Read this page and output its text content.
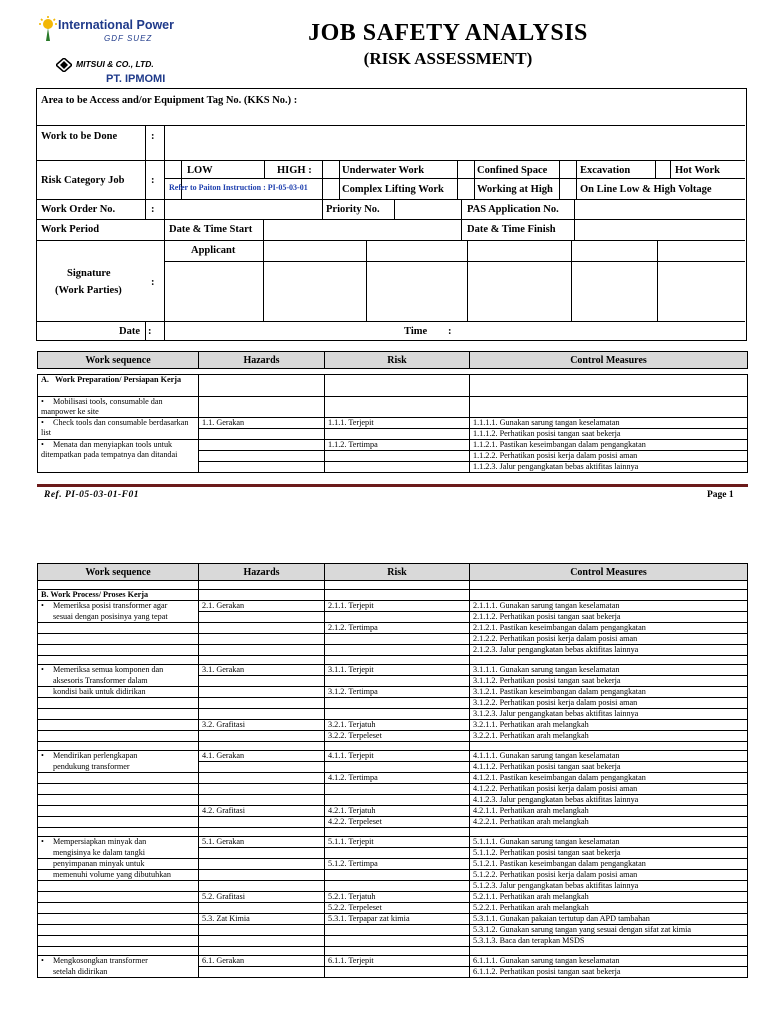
International Power
GDF SUEZ
MITSUI & CO., LTD.
PT. IPMOMI
JOB SAFETY ANALYSIS
(RISK ASSESSMENT)
Area to be Access and/or Equipment Tag No. (KKS No.) :
Work to be Done	:
Risk Category Job	:
LOW	HIGH :
Refer to Paiton Instruction : PI-05-03-01
Underwater Work	Confined Space	Excavation	Hot Work
Complex Lifting Work	Working at High	On Line Low & High Voltage
Work Order No.	:	Priority No.	PAS Application No.
Work Period	Date & Time Start	Date & Time Finish
Applicant
Signature
(Work Parties)
:
Date :	Time :
Work sequence	Hazards	Risk	Control Measures

A. Work Preparation/ Persiapan Kerja			

• Mobilisasi tools, consumable dan manpower ke site

• Check tools dan consumable berdasarkan list	1.1. Gerakan	1.1.1. Terjepit	1.1.1.1. Gunakan sarung tangan keselamatan
			1.1.1.2. Perhatikan posisi tangan saat bekerja

• Menata dan menyiapkan tools untuk ditempatkan pada tempatnya dan ditandai		1.1.2. Tertimpa	1.1.2.1. Pastikan keseimbangan dalam pengangkatan
			1.1.2.2. Perhatikan posisi kerja dalam posisi aman
			1.1.2.3. Jalur pengangkatan bebas aktifitas lainnya
Ref. PI-05-03-01-F01	Page 1
Work sequence	Hazards	Risk	Control Measures

B. Work Process/ Proses Kerja			

• Memeriksa posisi transformer agar	2.1. Gerakan	2.1.1. Terjepit	2.1.1.1. Gunakan sarung tangan keselamatan
sesuai dengan posisinya yang tepat			2.1.1.2. Perhatikan posisi tangan saat bekerja
		2.1.2. Tertimpa	2.1.2.1. Pastikan keseimbangan dalam pengangkatan
			2.1.2.2. Perhatikan posisi kerja dalam posisi aman
			2.1.2.3. Jalur pengangkatan bebas aktifitas lainnya

• Memeriksa semua komponen dan	3.1. Gerakan	3.1.1. Terjepit	3.1.1.1. Gunakan sarung tangan keselamatan
aksesoris Transformer dalam			3.1.1.2. Perhatikan posisi tangan saat bekerja
kondisi baik untuk didirikan		3.1.2. Tertimpa	3.1.2.1. Pastikan keseimbangan dalam pengangkatan
			3.1.2.2. Perhatikan posisi kerja dalam posisi aman
			3.1.2.3. Jalur pengangkatan bebas aktifitas lainnya
	3.2. Grafitasi	3.2.1. Terjatuh	3.2.1.1. Perhatikan arah melangkah
		3.2.2. Terpeleset	3.2.2.1. Perhatikan arah melangkah

• Mendirikan perlengkapan	4.1. Gerakan	4.1.1. Terjepit	4.1.1.1. Gunakan sarung tangan keselamatan
pendukung transformer			4.1.1.2. Perhatikan posisi tangan saat bekerja
		4.1.2. Tertimpa	4.1.2.1. Pastikan keseimbangan dalam pengangkatan
			4.1.2.2. Perhatikan posisi kerja dalam posisi aman
			4.1.2.3. Jalur pengangkatan bebas aktifitas lainnya
	4.2. Grafitasi	4.2.1. Terjatuh	4.2.1.1. Perhatikan arah melangkah
		4.2.2. Terpeleset	4.2.2.1. Perhatikan arah melangkah

• Mempersiapkan minyak dan	5.1. Gerakan	5.1.1. Terjepit	5.1.1.1. Gunakan sarung tangan keselamatan
mengisinya ke dalam tangki			5.1.1.2. Perhatikan posisi tangan saat bekerja
penyimpanan minyak untuk		5.1.2. Tertimpa	5.1.2.1. Pastikan keseimbangan dalam pengangkatan
memenuhi volume yang dibutuhkan			5.1.2.2. Perhatikan posisi kerja dalam posisi aman
			5.1.2.3. Jalur pengangkatan bebas aktifitas lainnya
	5.2. Grafitasi	5.2.1. Terjatuh	5.2.1.1. Perhatikan arah melangkah
		5.2.2. Terpeleset	5.2.2.1. Perhatikan arah melangkah
	5.3. Zat Kimia	5.3.1. Terpapar zat kimia	5.3.1.1. Gunakan pakaian tertutup dan APD tambahan
			5.3.1.2. Gunakan sarung tangan yang sesuai dengan sifat zat kimia
			5.3.1.3. Baca dan terapkan MSDS

• Mengkosongkan transformer	6.1. Gerakan	6.1.1. Terjepit	6.1.1.1. Gunakan sarung tangan keselamatan
setelah didirikan			6.1.1.2. Perhatikan posisi tangan saat bekerja
